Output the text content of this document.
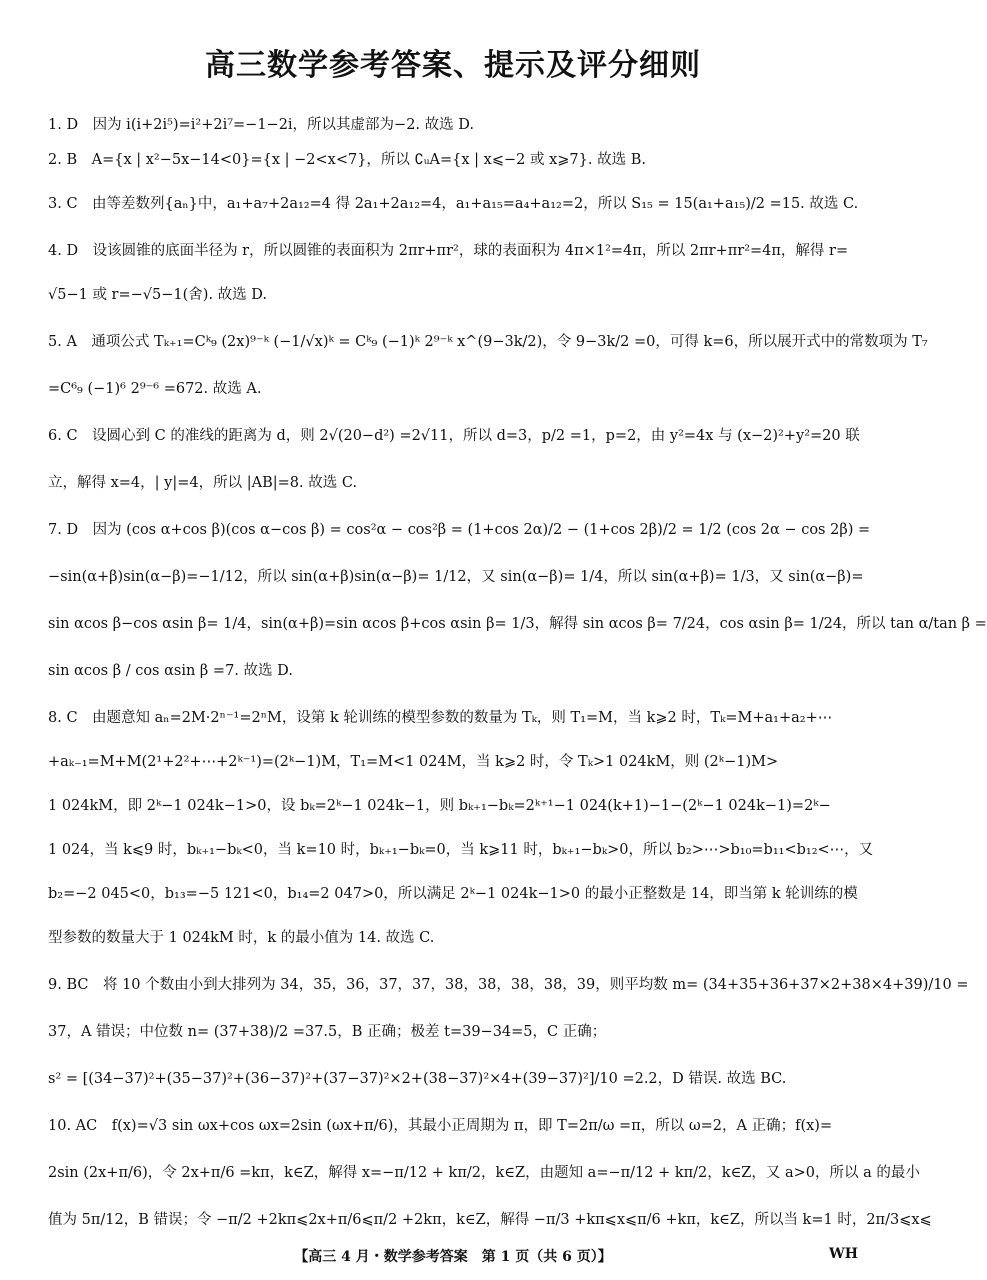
高三数学参考答案、提示及评分细则
1. D　因为 i(i+2i⁵)=i²+2i⁷=−1−2i，所以其虚部为−2. 故选 D.
2. B　A={x | x²−5x−14<0}={x | −2<x<7}，所以 ∁ᵤA={x | x⩽−2 或 x⩾7}. 故选 B.
3. C　由等差数列{aₙ}中，a₁+a₇+2a₁₂=4 得 2a₁+2a₁₂=4，a₁+a₁₅=a₄+a₁₂=2，所以 S₁₅ = 15(a₁+a₁₅)/2 =15. 故选 C.
4. D　设该圆锥的底面半径为 r，所以圆锥的表面积为 2πr+πr²，球的表面积为 4π×1²=4π，所以 2πr+πr²=4π，解得 r=
√5−1 或 r=−√5−1(舍). 故选 D.
5. A　通项公式 Tₖ₊₁=Cᵏ₉ (2x)⁹⁻ᵏ (−1/√x)ᵏ = Cᵏ₉ (−1)ᵏ 2⁹⁻ᵏ x^(9−3k/2)，令 9−3k/2 =0，可得 k=6，所以展开式中的常数项为 T₇
=C⁶₉ (−1)⁶ 2⁹⁻⁶ =672. 故选 A.
6. C　设圆心到 C 的准线的距离为 d，则 2√(20−d²) =2√11，所以 d=3，p/2 =1，p=2，由 y²=4x 与 (x−2)²+y²=20 联
立，解得 x=4，| y|=4，所以 |AB|=8. 故选 C.
7. D　因为 (cos α+cos β)(cos α−cos β) = cos²α − cos²β = (1+cos 2α)/2 − (1+cos 2β)/2 = 1/2 (cos 2α − cos 2β) =
−sin(α+β)sin(α−β)=−1/12，所以 sin(α+β)sin(α−β)= 1/12，又 sin(α−β)= 1/4，所以 sin(α+β)= 1/3，又 sin(α−β)=
sin αcos β−cos αsin β= 1/4，sin(α+β)=sin αcos β+cos αsin β= 1/3，解得 sin αcos β= 7/24，cos αsin β= 1/24，所以 tan α/tan β =
sin αcos β / cos αsin β =7. 故选 D.
8. C　由题意知 aₙ=2M·2ⁿ⁻¹=2ⁿM，设第 k 轮训练的模型参数的数量为 Tₖ，则 T₁=M，当 k⩾2 时，Tₖ=M+a₁+a₂+⋯
+aₖ₋₁=M+M(2¹+2²+⋯+2ᵏ⁻¹)=(2ᵏ−1)M，T₁=M<1 024M，当 k⩾2 时，令 Tₖ>1 024kM，则 (2ᵏ−1)M>
1 024kM，即 2ᵏ−1 024k−1>0，设 bₖ=2ᵏ−1 024k−1，则 bₖ₊₁−bₖ=2ᵏ⁺¹−1 024(k+1)−1−(2ᵏ−1 024k−1)=2ᵏ−
1 024，当 k⩽9 时，bₖ₊₁−bₖ<0，当 k=10 时，bₖ₊₁−bₖ=0，当 k⩾11 时，bₖ₊₁−bₖ>0，所以 b₂>⋯>b₁₀=b₁₁<b₁₂<⋯，又
b₂=−2 045<0，b₁₃=−5 121<0，b₁₄=2 047>0，所以满足 2ᵏ−1 024k−1>0 的最小正整数是 14，即当第 k 轮训练的模
型参数的数量大于 1 024kM 时，k 的最小值为 14. 故选 C.
9. BC　将 10 个数由小到大排列为 34，35，36，37，37，38，38，38，38，39，则平均数 m= (34+35+36+37×2+38×4+39)/10 =
37，A 错误；中位数 n= (37+38)/2 =37.5，B 正确；极差 t=39−34=5，C 正确；
s² = [(34−37)²+(35−37)²+(36−37)²+(37−37)²×2+(38−37)²×4+(39−37)²]/10 =2.2，D 错误. 故选 BC.
10. AC　f(x)=√3 sin ωx+cos ωx=2sin (ωx+π/6)，其最小正周期为 π，即 T=2π/ω =π，所以 ω=2，A 正确；f(x)=
2sin (2x+π/6)，令 2x+π/6 =kπ，k∈Z，解得 x=−π/12 + kπ/2，k∈Z，由题知 a=−π/12 + kπ/2，k∈Z，又 a>0，所以 a 的最小
值为 5π/12，B 错误；令 −π/2 +2kπ⩽2x+π/6⩽π/2 +2kπ，k∈Z，解得 −π/3 +kπ⩽x⩽π/6 +kπ，k∈Z，所以当 k=1 时，2π/3⩽x⩽
【高三 4 月・数学参考答案　第 1 页（共 6 页）】	WH
